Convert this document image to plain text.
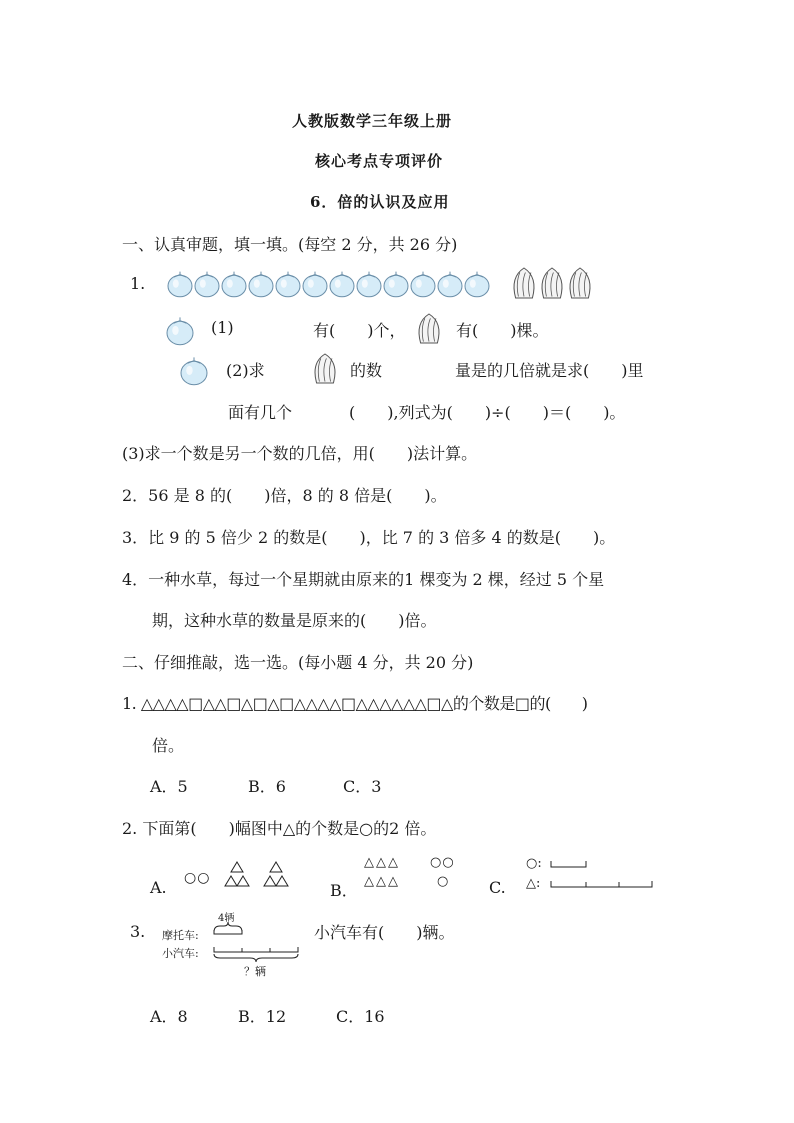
人教版数学三年级上册
核心考点专项评价
6．倍的认识及应用
一、认真审题，填一填。(每空 2 分，共 26 分)
1.
(1)	有(　　)个，	有(　　)棵。
(2)求	的数	量是的几倍就是求(　　)里
面有几个	(　　),列式为(　　)÷(　　)＝(　　)。
(3)求一个数是另一个数的几倍，用(　　)法计算。
2．56 是 8 的(　　)倍，8 的 8 倍是(　　)。
3．比 9 的 5 倍少 2 的数是(　　)，比 7 的 3 倍多 4 的数是(　　)。
4．一种水草，每过一个星期就由原来的1 棵变为 2 棵，经过 5 个星
期，这种水草的数量是原来的(　　)倍。
二、仔细推敲，选一选。(每小题 4 分，共 20 分)
1. △△△△□△△□△□△□△△△△□△△△△△△□△的个数是□的(　　)
倍。
A．5	B．6	C．3
2. 下面第(　　)幅图中△的个数是○的2 倍。
A. ○○
B．
△△△
△△△
○○
○	C.
○:
△:
3.
4辆
摩托车:
小汽车:
？辆
小汽车有(　　)辆。
A．8	B．12	C．16
